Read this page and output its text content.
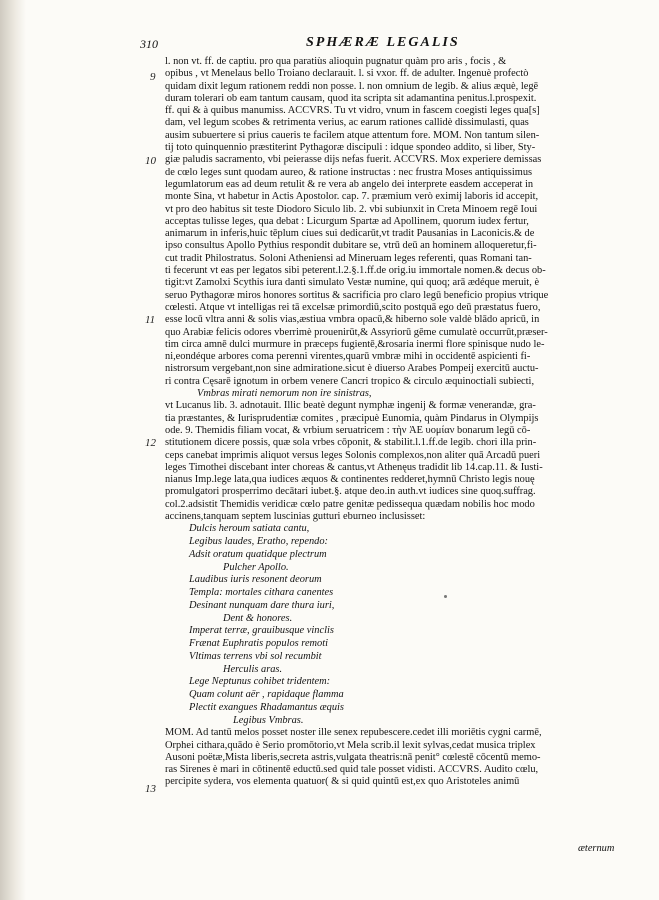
310	SPHÆRÆ LEGALIS
9
10
11
12
13
l. non vt. ff. de captiu. pro qua paratiùs alioquin pugnatur quàm pro aris , focis , &
opibus , vt Menelaus bello Troiano declarauit. l. si vxor. ff. de adulter. Ingenuè profectò
quidam dixit legum rationem reddi non posse. l. non omnium de legib. & alius æquè, legē
duram tolerari ob eam tantum causam, quod ita scripta sit adamantina penitus.l.prospexit.
ff. qui & à quibus manumiss. ACCVRS. Tu vt vidro, vnum in fascem coegisti leges qua[s]
dam, vel legum scobes & retrimenta verius, ac earum rationes callidè dissimulasti, quas
ausim subuertere si prius caueris te facilem atque attentum fore. MOM. Non tantum silen-
tij toto quinquennio præstiterint Pythagoræ discipuli : idque spondeo addito, si liber, Sty-
giæ paludis sacramento, vbi peierasse dijs nefas fuerit. ACCVRS. Mox experiere demissas
de cœlo leges sunt quodam aureo, & ratione instructas : nec frustra Moses antiquissimus
legumlatorum eas ad deum retulit & re vera ab angelo dei interprete easdem acceperat in
monte Sina, vt habetur in Actis Apostolor. cap. 7. præmium verò eximij laboris id accepit,
vt pro deo habitus sit teste Diodoro Siculo lib. 2. vbi subiunxit in Creta Minoem regē Ioui
acceptas tulisse leges, qua debat : Licurgum Spartæ ad Apollinem, quorum iudex fertur,
animarum in inferis,huic tēplum ciues sui dedicarūt,vt tradit Pausanias in Laconicis.& de
ipso consultus Apollo Pythius respondit dubitare se, vtrū deū an hominem alloqueretur,fi-
cut tradit Philostratus. Soloni Atheniensi ad Mineruam leges referenti, quas Romani tan-
ti fecerunt vt eas per legatos sibi peterent.l.2.§.1.ff.de orig.iu immortale nomen.& decus ob-
tigit:vt Zamolxi Scythis iura danti simulato Vestæ numine, qui quoq; arā ædéque meruit, è
seruo Pythagoræ miros honores sortitus & sacrificia pro claro legū beneficio propius vtrique
cœlesti. Atque vt intelligas rei tā excelsæ primordiū,scito postquā ego deū præstatus fuero,
esse locū vltra anni & solis vias,æstiua vmbra opacū,& hiberno sole valdè blādo apricū, in
quo Arabiæ felicis odores vberrimè prouenirūt,& Assyriorū gēme cumulatè occurrūt,præser-
tim circa amnē dulci murmure in præceps fugientē,&rosaria inermi flore spinisque nudo le-
ni,eondéque arbores coma perenni virentes,quarū vmbræ mihi in occidentē aspicienti fi-
nistrorsum vergebant,non sine admiratione.sicut è diuerso Arabes Pompeij exercitū auctu-
ri contra Cęsarē ignotum in orbem venere Cancri tropico & circulo æquinoctiali subiecti,
Vmbras mirati nemorum non ire sinistras,
vt Lucanus lib. 3. adnotauit. Illic beatè degunt nymphæ ingenij & formæ venerandæ, gra-
tia præstantes, & Iurisprudentiæ comites , præcipuè Eunomia, quàm Pindarus in Olympijs
ode. 9. Themidis filiam vocat, & vrbium seruatricem : τὴν ἈΕ υομίαν bonarum legū cō-
stitutionem dicere possis, quæ sola vrbes cōponit, & stabilit.l.1.ff.de legib. chori illa prin-
ceps canebat imprimis aliquot versus leges Solonis complexos,non aliter quā Arcadū pueri
leges Timothei discebant inter choreas & cantus,vt Athenęus tradidit lib 14.cap.11. & Iusti-
nianus Imp.lege lata,qua iudices æquos & continentes redderet,hymnū Christo legis nouę
promulgatori prosperrimo decātari iubet.§. atque deo.in auth.vt iudices sine quoq.suffrag.
col.2.adsistit Themidis veridicæ cœlo patre genitæ pedissequa quædam nobilis hoc modo
accinens,tanquam septem luscinias gutturi eburneo inclusisset:
Dulcis heroum satiata cantu,
Legibus laudes, Eratho, rependo:
Adsit oratum quatidque plectrum
Pulcher Apollo.
Laudibus iuris resonent deorum
Templa: mortales cithara canentes
Desinant nunquam dare thura iuri,
Dent & honores.
Imperat terræ, grauibusque vinclis
Frænat Euphratis populos remoti
Vltimas terrens vbi sol recumbit
Herculis aras.
Lege Neptunus cohibet tridentem:
Quam colunt aër , rapidaque flamma
Plectit exangues Rhadamantus æquis
Legibus Vmbras.
MOM. Ad tantū melos posset noster ille senex repubescere.cedet illi moriētis cygni carmē,
Orphei cithara,quādo è Serio promōtorio,vt Mela scrib.il lexit sylvas,cedat musica triplex
Ausoni poëtæ,Mista liberis,secreta astris,vulgata theatris:nā penit° cœlestē cōcentū memo-
ras Sirenes è mari in cōtinentē eductū.sed quid tale posset vidisti. ACCVRS. Audito cœlu,
percipite sydera, vos elementa quatuor( & si quid quintū est,ex quo Aristoteles animū
æternum
